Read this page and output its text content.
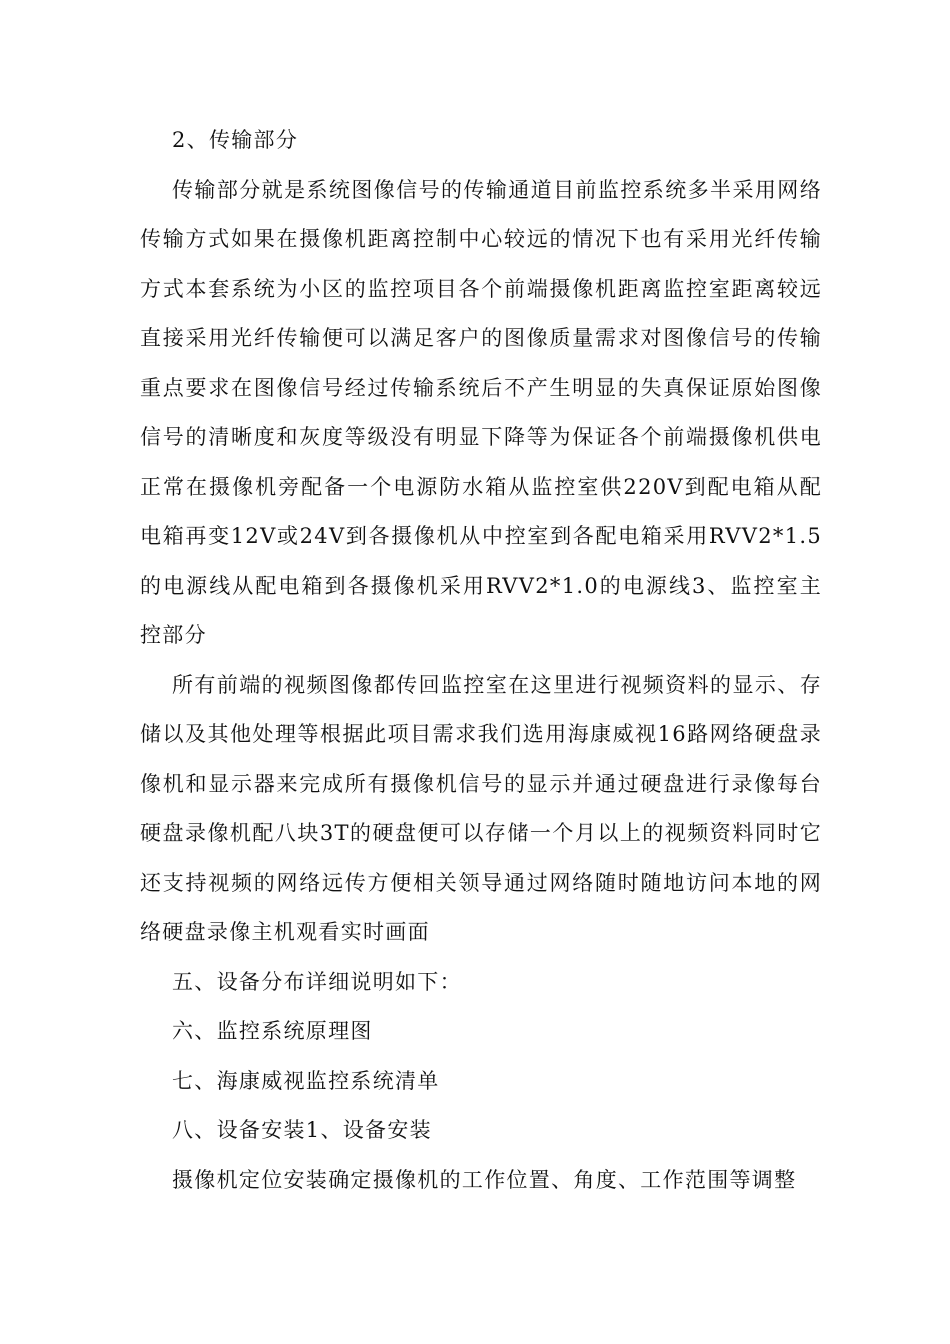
2、传输部分

传输部分就是系统图像信号的传输通道目前监控系统多半采用网络传输方式如果在摄像机距离控制中心较远的情况下也有采用光纤传输方式本套系统为小区的监控项目各个前端摄像机距离监控室距离较远直接采用光纤传输便可以满足客户的图像质量需求对图像信号的传输重点要求在图像信号经过传输系统后不产生明显的失真保证原始图像信号的清晰度和灰度等级没有明显下降等为保证各个前端摄像机供电正常在摄像机旁配备一个电源防水箱从监控室供220V到配电箱从配电箱再变12V或24V到各摄像机从中控室到各配电箱采用RVV2*1.5的电源线从配电箱到各摄像机采用RVV2*1.0的电源线3、监控室主控部分

所有前端的视频图像都传回监控室在这里进行视频资料的显示、存储以及其他处理等根据此项目需求我们选用海康威视16路网络硬盘录像机和显示器来完成所有摄像机信号的显示并通过硬盘进行录像每台硬盘录像机配八块3T的硬盘便可以存储一个月以上的视频资料同时它还支持视频的网络远传方便相关领导通过网络随时随地访问本地的网络硬盘录像主机观看实时画面

五、设备分布详细说明如下：

六、监控系统原理图

七、海康威视监控系统清单

八、设备安装1、设备安装

摄像机定位安装确定摄像机的工作位置、角度、工作范围等调整
